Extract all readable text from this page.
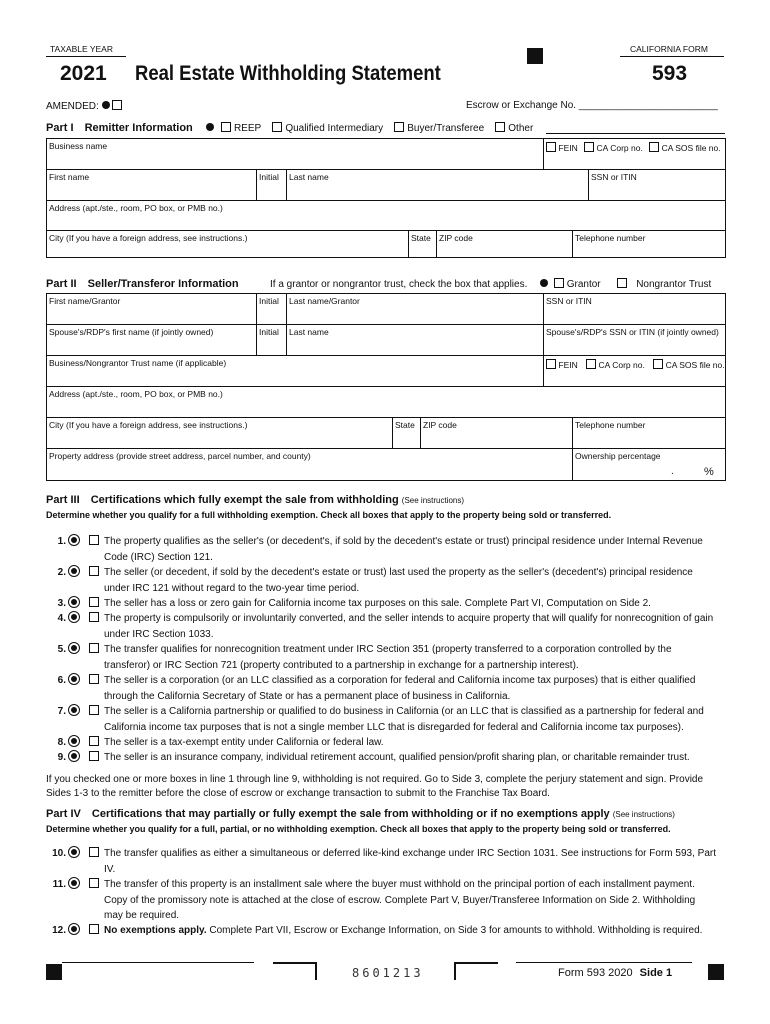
TAXABLE YEAR
2021 Real Estate Withholding Statement
CALIFORNIA FORM
593
AMENDED:	Escrow or Exchange No. _________________________
Part I Remitter Information	REEP Qualified Intermediary Buyer/Transferee Other
Business name	FEIN CA Corp no. CA SOS file no.
First name	Initial	Last name	SSN or ITIN
Address (apt./ste., room, PO box, or PMB no.)
City (If you have a foreign address, see instructions.)	State ZIP code	Telephone number
Part II Seller/Transferor Information	If a grantor or nongrantor trust, check the box that applies.	Grantor	Nongrantor Trust
First name/Grantor	Initial	Last name/Grantor	SSN or ITIN
Spouse's/RDP's first name (if jointly owned)	Initial	Last name	Spouse's/RDP's SSN or ITIN (if jointly owned)
Business/Nongrantor Trust name (if applicable)	FEIN CA Corp no. CA SOS file no.
Address (apt./ste., room, PO box, or PMB no.)
City (If you have a foreign address, see instructions.)	State ZIP code	Telephone number
Property address (provide street address, parcel number, and county)	Ownership percentage
.	%
Part III Certifications which fully exempt the sale from withholding (See instructions)
Determine whether you qualify for a full withholding exemption. Check all boxes that apply to the property being sold or transferred.
1.
	The property qualifies as the seller's (or decedent's, if sold by the decedent's estate or trust) principal residence under Internal Revenue Code (IRC) Section 121.
2.
	The seller (or decedent, if sold by the decedent's estate or trust) last used the property as the seller's (decedent's) principal residence under IRC 121 without regard to the two-year time period.
3.
	The seller has a loss or zero gain for California income tax purposes on this sale. Complete Part VI, Computation on Side 2.
4.
	The property is compulsorily or involuntarily converted, and the seller intends to acquire property that will qualify for nonrecognition of gain under IRC Section 1033.
5.
	The transfer qualifies for nonrecognition treatment under IRC Section 351 (property transferred to a corporation controlled by the transferor) or IRC Section 721 (property contributed to a partnership in exchange for a partnership interest).
6.
	The seller is a corporation (or an LLC classified as a corporation for federal and California income tax purposes) that is either qualified through the California Secretary of State or has a permanent place of business in California.
7.
	The seller is a California partnership or qualified to do business in California (or an LLC that is classified as a partnership for federal and California income tax purposes that is not a single member LLC that is disregarded for federal and California income tax purposes).
8.
	The seller is a tax-exempt entity under California or federal law.
9.
	The seller is an insurance company, individual retirement account, qualified pension/profit sharing plan, or charitable remainder trust.
If you checked one or more boxes in line 1 through line 9, withholding is not required. Go to Side 3, complete the perjury statement and sign. Provide Sides 1-3 to the remitter before the close of escrow or exchange transaction to submit to the Franchise Tax Board.
Part IV Certifications that may partially or fully exempt the sale from withholding or if no exemptions apply (See instructions)
Determine whether you qualify for a full, partial, or no withholding exemption. Check all boxes that apply to the property being sold or transferred.
10.
	The transfer qualifies as either a simultaneous or deferred like-kind exchange under IRC Section 1031. See instructions for Form 593, Part IV.
11.
	The transfer of this property is an installment sale where the buyer must withhold on the principal portion of each installment payment. Copy of the promissory note is attached at the close of escrow. Complete Part V, Buyer/Transferee Information on Side 2. Withholding may be required.
12.
	No exemptions apply. Complete Part VII, Escrow or Exchange Information, on Side 3 for amounts to withhold. Withholding is required.
8601213	Form 593 2020 Side 1
